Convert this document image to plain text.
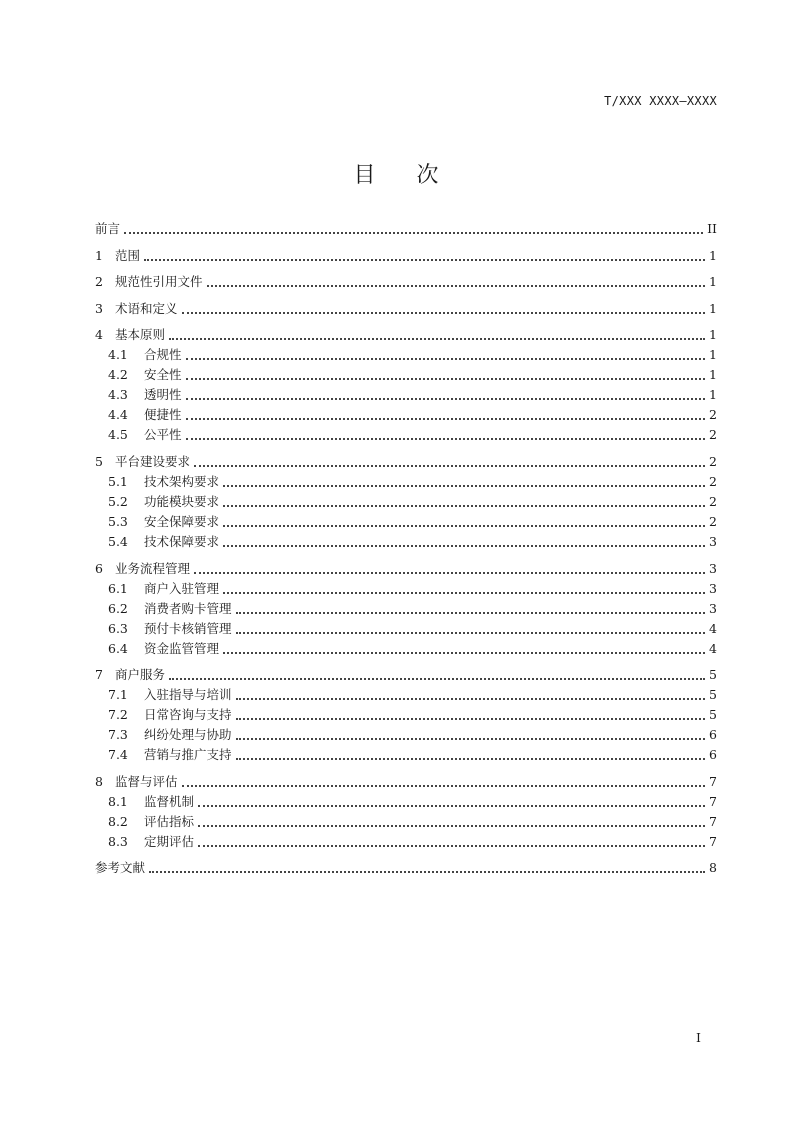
T/XXX XXXX—XXXX
目 次
前言	II
1 范围	1
2 规范性引用文件	1
3 术语和定义	1
4 基本原则	1
4.1	合规性	1
4.2	安全性	1
4.3	透明性	1
4.4	便捷性	2
4.5	公平性	2
5 平台建设要求	2
5.1	技术架构要求	2
5.2	功能模块要求	2
5.3	安全保障要求	2
5.4	技术保障要求	3
6 业务流程管理	3
6.1	商户入驻管理	3
6.2	消费者购卡管理	3
6.3	预付卡核销管理	4
6.4	资金监管管理	4
7 商户服务	5
7.1	入驻指导与培训	5
7.2	日常咨询与支持	5
7.3	纠纷处理与协助	6
7.4	营销与推广支持	6
8 监督与评估	7
8.1	监督机制	7
8.2	评估指标	7
8.3	定期评估	7
参考文献	8
I
